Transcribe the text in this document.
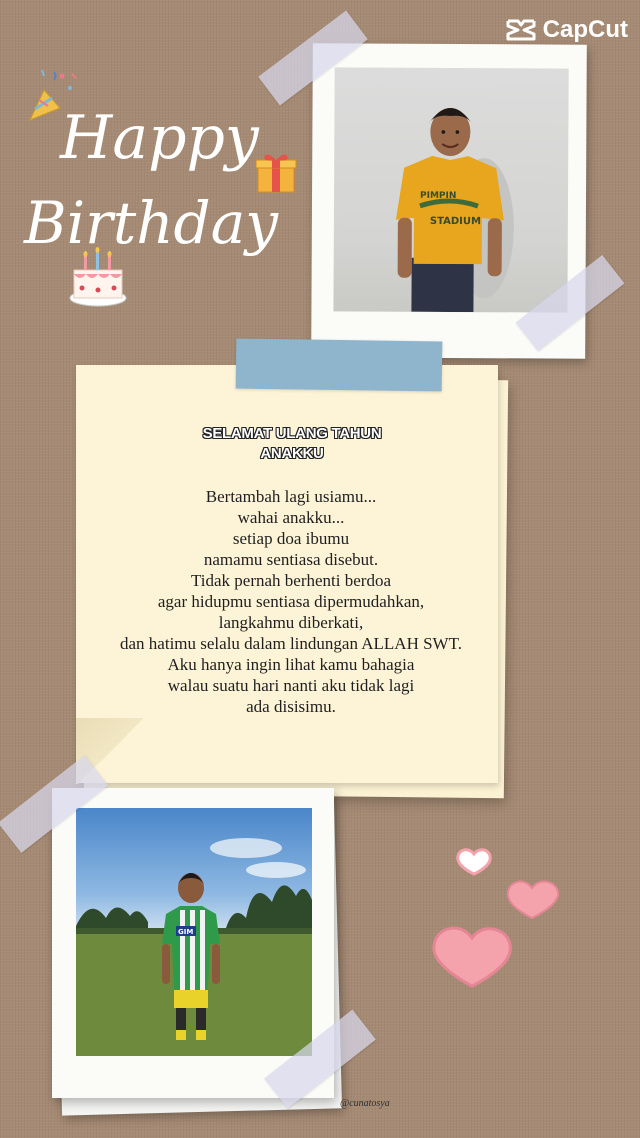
CapCut
Happy
Birthday	PIMPIN
STADIUM
SELAMAT ULANG TAHUN
ANAKKU
Bertambah lagi usiamu...
wahai anakku...
setiap doa ibumu
namamu sentiasa disebut.
Tidak pernah berhenti berdoa
agar hidupmu sentiasa dipermudahkan,
langkahmu diberkati,
dan hatimu selalu dalam lindungan ALLAH SWT.
Aku hanya ingin lihat kamu bahagia
walau suatu hari nanti aku tidak lagi
ada disisimu.
GIM
@cunatosya
